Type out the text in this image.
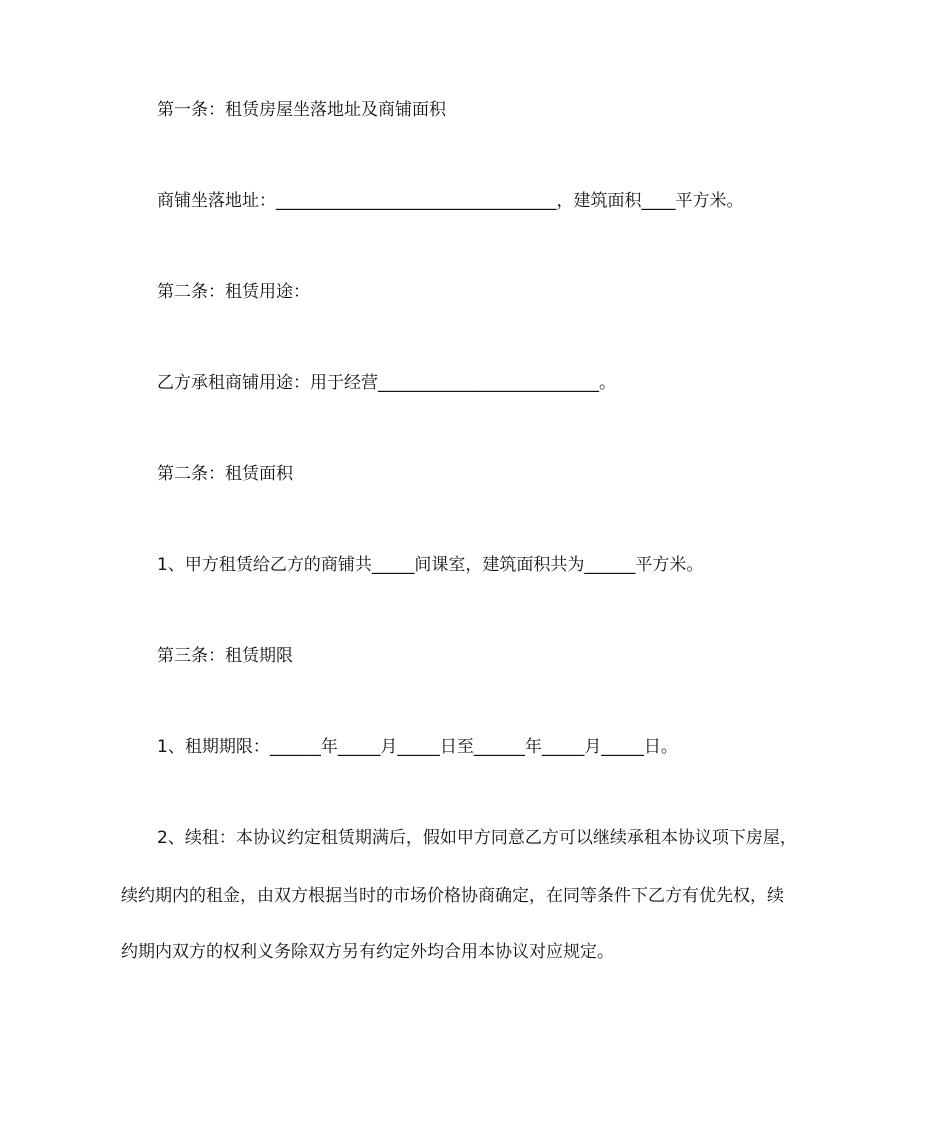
第一条：租赁房屋坐落地址及商铺面积
商铺坐落地址：_________________________________，建筑面积____平方米。
第二条：租赁用途：
乙方承租商铺用途：用于经营__________________________。
第二条：租赁面积
1、甲方租赁给乙方的商铺共_____间课室，建筑面积共为______平方米。
第三条：租赁期限
1、租期期限：______年_____月_____日至______年_____月_____日。
2、续租：本协议约定租赁期满后，假如甲方同意乙方可以继续承租本协议项下房屋，
续约期内的租金，由双方根据当时的市场价格协商确定，在同等条件下乙方有优先权，续
约期内双方的权利义务除双方另有约定外均合用本协议对应规定。
